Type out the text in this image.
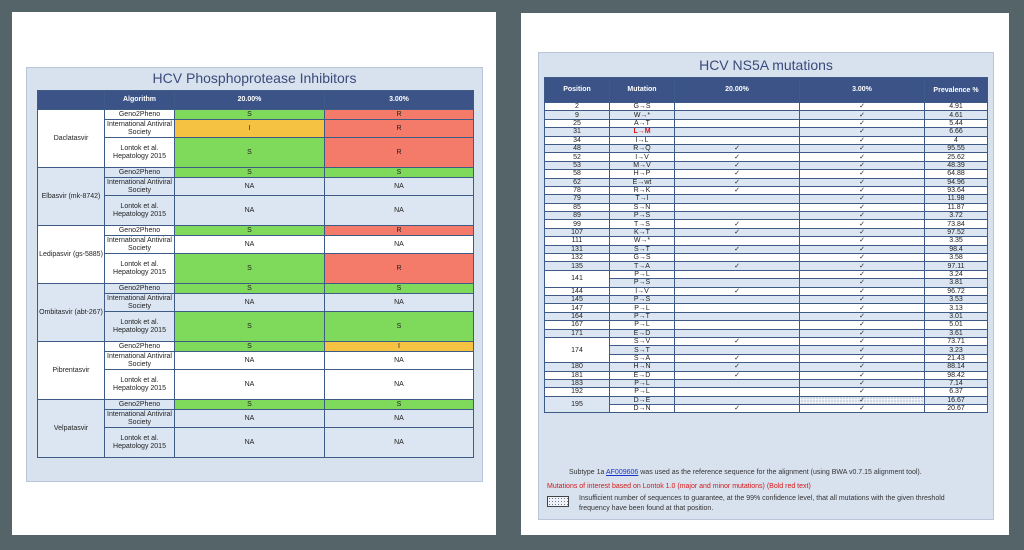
HCV Phosphoprotease Inhibitors
	Algorithm	20.00%	3.00%
Daclatasvir	Geno2Pheno	S	R
	International Antiviral Society	I	R
	Lontok et al. Hepatology 2015	S	R
Elbasvir (mk-8742)	Geno2Pheno	S	S
	International Antiviral Society	NA	NA
	Lontok et al. Hepatology 2015	NA	NA
Ledipasvir (gs-5885)	Geno2Pheno	S	R
	International Antiviral Society	NA	NA
	Lontok et al. Hepatology 2015	S	R
Ombitasvir (abt-267)	Geno2Pheno	S	S
	International Antiviral Society	NA	NA
	Lontok et al. Hepatology 2015	S	S
Pibrentasvir	Geno2Pheno	S	I
	International Antiviral Society	NA	NA
	Lontok et al. Hepatology 2015	NA	NA
Velpatasvir	Geno2Pheno	S	S
	International Antiviral Society	NA	NA
	Lontok et al. Hepatology 2015	NA	NA
HCV NS5A mutations
Position	Mutation	20.00%	3.00%	Prevalence %
2	G→S		✓	4.91
9	W→*		✓	4.61
25	A→T		✓	5.44
31	L→M		✓	6.66
34	I→L		✓	4
48	R→Q	✓	✓	95.55
52	I→V	✓	✓	25.62
53	M→V	✓	✓	48.39
58	H→P	✓	✓	64.88
62	E→wt	✓	✓	94.96
78	R→K	✓	✓	93.64
79	T→I		✓	11.98
85	S→N		✓	11.87
89	P→S		✓	3.72
99	T→S	✓	✓	73.84
107	K→T	✓	✓	97.52
111	W→*		✓	3.35
131	S→T	✓	✓	98.4
132	G→S		✓	3.58
135	T→A	✓	✓	97.11
141	P→L		✓	3.24
	P→S		✓	3.81
144	I→V	✓	✓	96.72
145	P→S		✓	3.53
147	P→L		✓	3.13
164	P→T		✓	3.01
167	P→L		✓	5.01
171	E→D		✓	3.61
174	S→V	✓	✓	73.71
	S→T		✓	3.23
	S→A	✓	✓	21.43
180	H→N	✓	✓	88.14
181	E→D	✓	✓	98.42
183	P→L		✓	7.14
192	P→L		✓	6.37
195	D→E		✓	16.67
	D→N	✓	✓	20.67
Subtype 1a AF009606 was used as the reference sequence for the alignment (using BWA v0.7.15 alignment tool).
Mutations of interest based on Lontok 1.0 (major and minor mutations) (Bold red text)
Insufficient number of sequences to guarantee, at the 99% confidence level, that all mutations with the given threshold frequency have been found at that position.
